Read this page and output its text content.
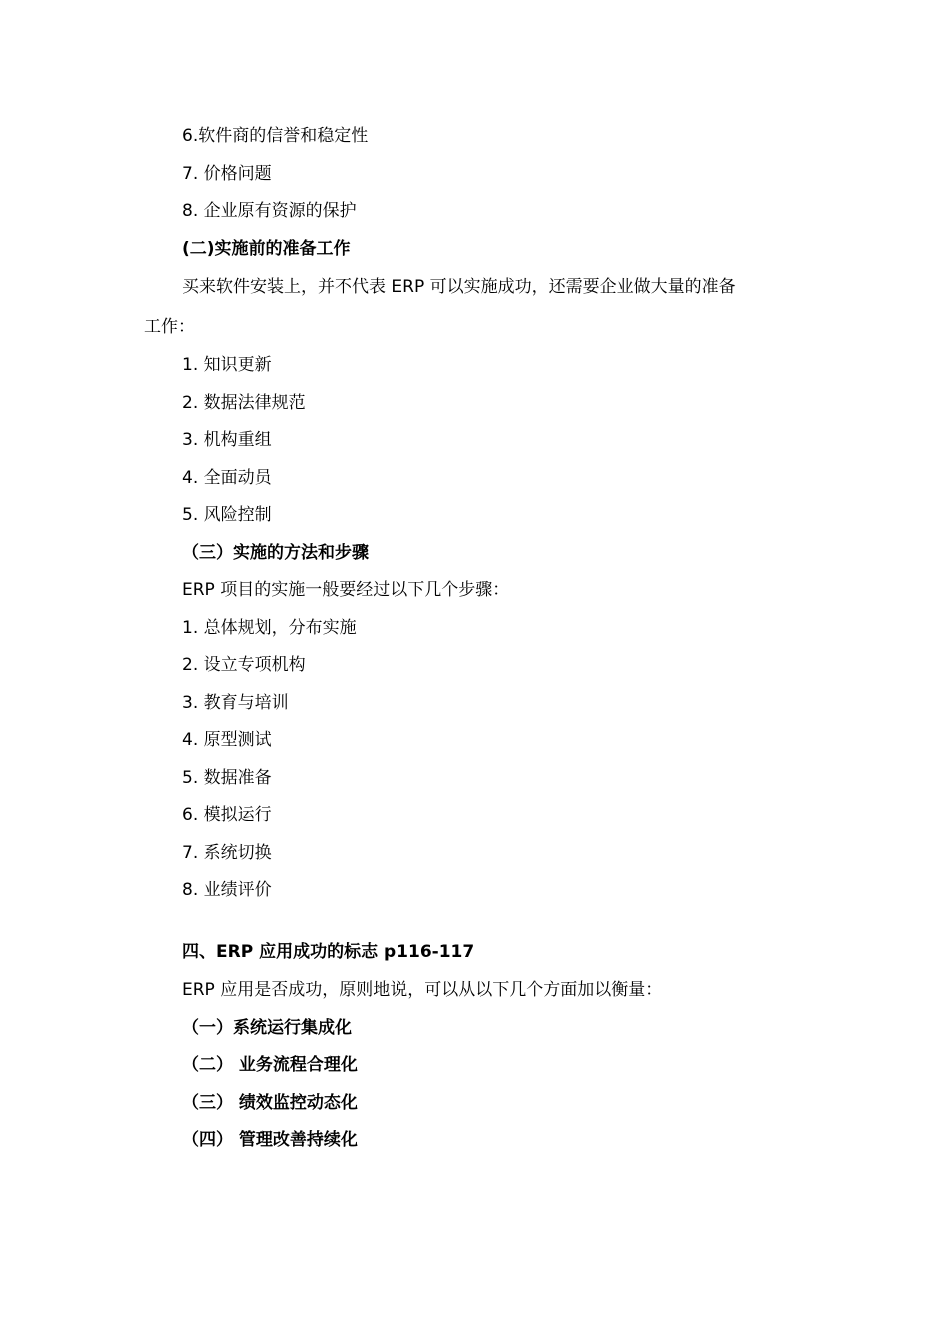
6.软件商的信誉和稳定性
7. 价格问题
8. 企业原有资源的保护
(二)实施前的准备工作
买来软件安装上，并不代表 ERP 可以实施成功，还需要企业做大量的准备
工作：
1. 知识更新
2. 数据法律规范
3. 机构重组
4. 全面动员
5. 风险控制
（三）实施的方法和步骤
ERP 项目的实施一般要经过以下几个步骤：
1. 总体规划，分布实施
2. 设立专项机构
3. 教育与培训
4. 原型测试
5. 数据准备
6. 模拟运行
7. 系统切换
8. 业绩评价
四、ERP 应用成功的标志 p116-117
ERP 应用是否成功，原则地说，可以从以下几个方面加以衡量：
（一）系统运行集成化
（二） 业务流程合理化
（三） 绩效监控动态化
（四） 管理改善持续化
